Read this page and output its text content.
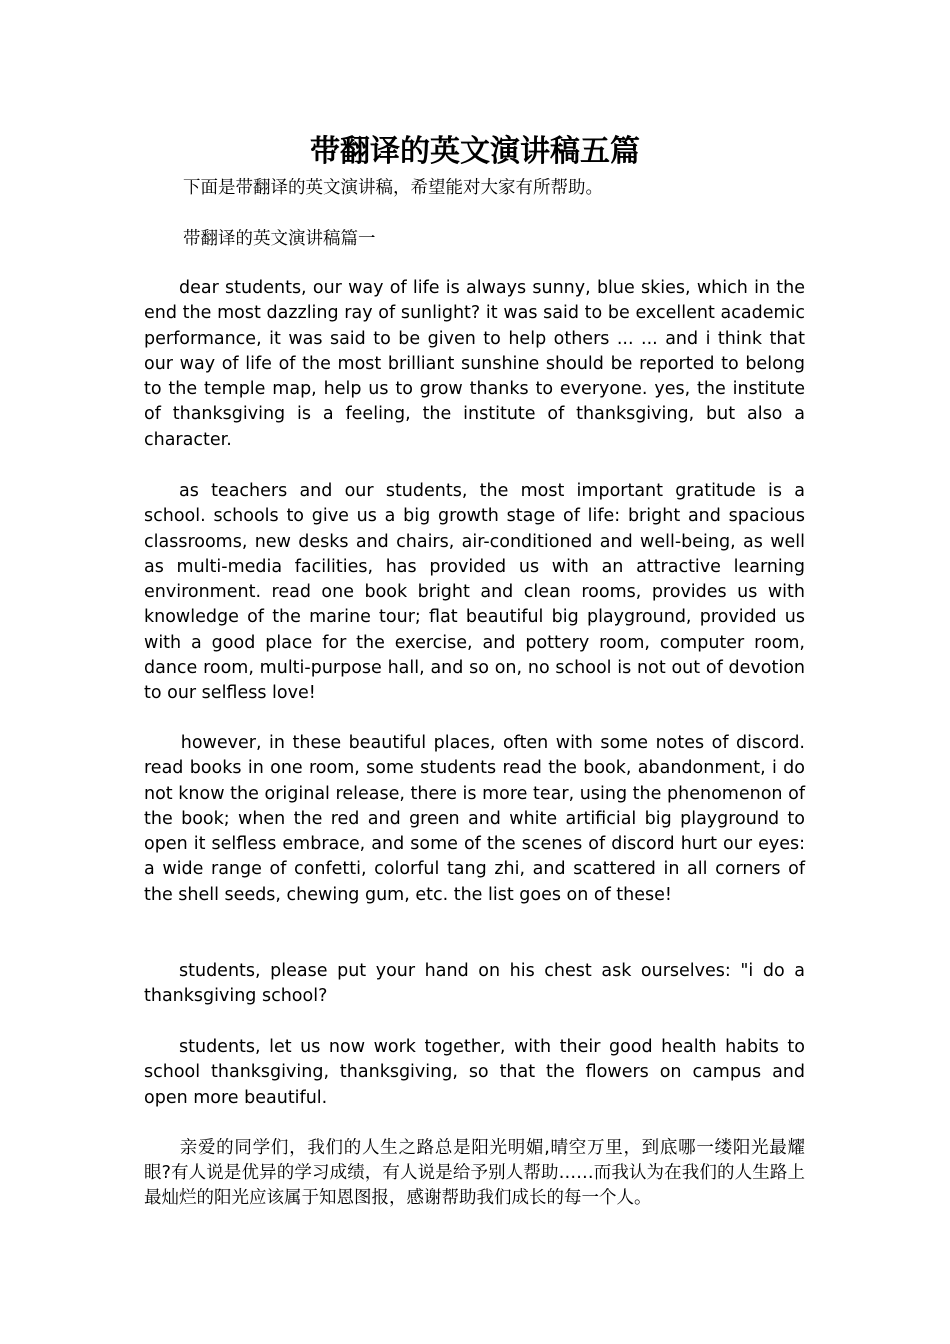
带翻译的英文演讲稿五篇

下面是带翻译的英文演讲稿，希望能对大家有所帮助。

带翻译的英文演讲稿篇一

  dear students, our way of life is always sunny, blue skies, which in the end the most dazzling ray of sunlight? it was said to be excellent academic performance, it was said to be given to help others ... ... and i think that our way of life of the most brilliant sunshine should be reported to belong to the temple map, help us to grow thanks to everyone. yes, the institute of thanksgiving is a feeling, the institute of thanksgiving, but also a character.

  as teachers and our students, the most important gratitude is a school. schools to give us a big growth stage of life: bright and spacious classrooms, new desks and chairs, air-conditioned and well-being, as well as multi-media facilities, has provided us with an attractive learning environment. read one book bright and clean rooms, provides us with knowledge of the marine tour; flat beautiful big playground, provided us with a good place for the exercise, and pottery room, computer room, dance room, multi-purpose hall, and so on, no school is not out of devotion to our selfless love!

   however, in these beautiful places, often with some notes of discord. read books in one room, some students read the book, abandonment, i do not know the original release, there is more tear, using the phenomenon of the book; when the red and green and white artificial big playground to open it selfless embrace, and some of the scenes of discord hurt our eyes: a wide range of confetti, colorful tang zhi, and scattered in all corners of the shell seeds, chewing gum, etc. the list goes on of these!

  students, please put your hand on his chest ask ourselves: "i do a thanksgiving school?

  students, let us now work together, with their good health habits to school thanksgiving, thanksgiving, so that the flowers on campus and open more beautiful.

  亲爱的同学们，我们的人生之路总是阳光明媚,晴空万里，到底哪一缕阳光最耀眼?有人说是优异的学习成绩，有人说是给予别人帮助……而我认为在我们的人生路上最灿烂的阳光应该属于知恩图报，感谢帮助我们成长的每一个人。
